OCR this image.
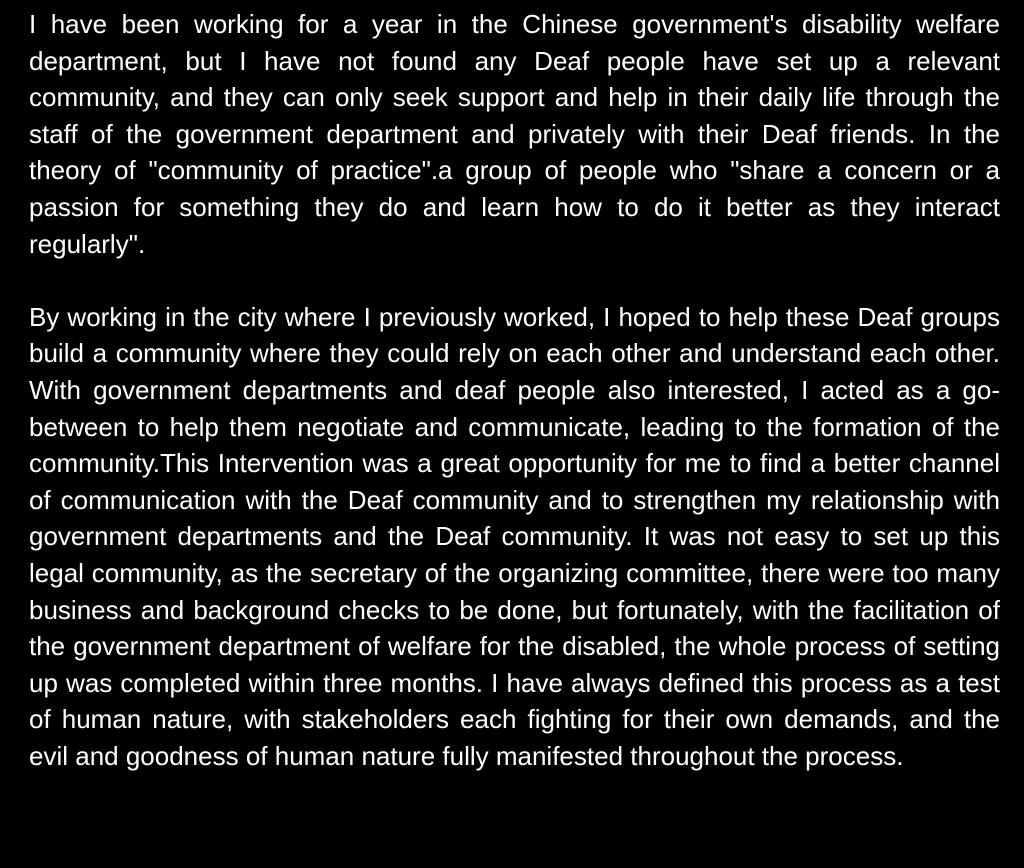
I have been working for a year in the Chinese government's disability welfare department, but I have not found any Deaf people have set up a relevant community, and they can only seek support and help in their daily life through the staff of the government department and privately with their Deaf friends. In the theory of "community of practice".a group of people who "share a concern or a passion for something they do and learn how to do it better as they interact regularly".

By working in the city where I previously worked, I hoped to help these Deaf groups build a community where they could rely on each other and understand each other. With government departments and deaf people also interested, I acted as a go-between to help them negotiate and communicate, leading to the formation of the community.This Intervention was a great opportunity for me to find a better channel of communication with the Deaf community and to strengthen my relationship with government departments and the Deaf community. It was not easy to set up this legal community, as the secretary of the organizing committee, there were too many business and background checks to be done, but fortunately, with the facilitation of the government department of welfare for the disabled, the whole process of setting up was completed within three months. I have always defined this process as a test of human nature, with stakeholders each fighting for their own demands, and the evil and goodness of human nature fully manifested throughout the process.
